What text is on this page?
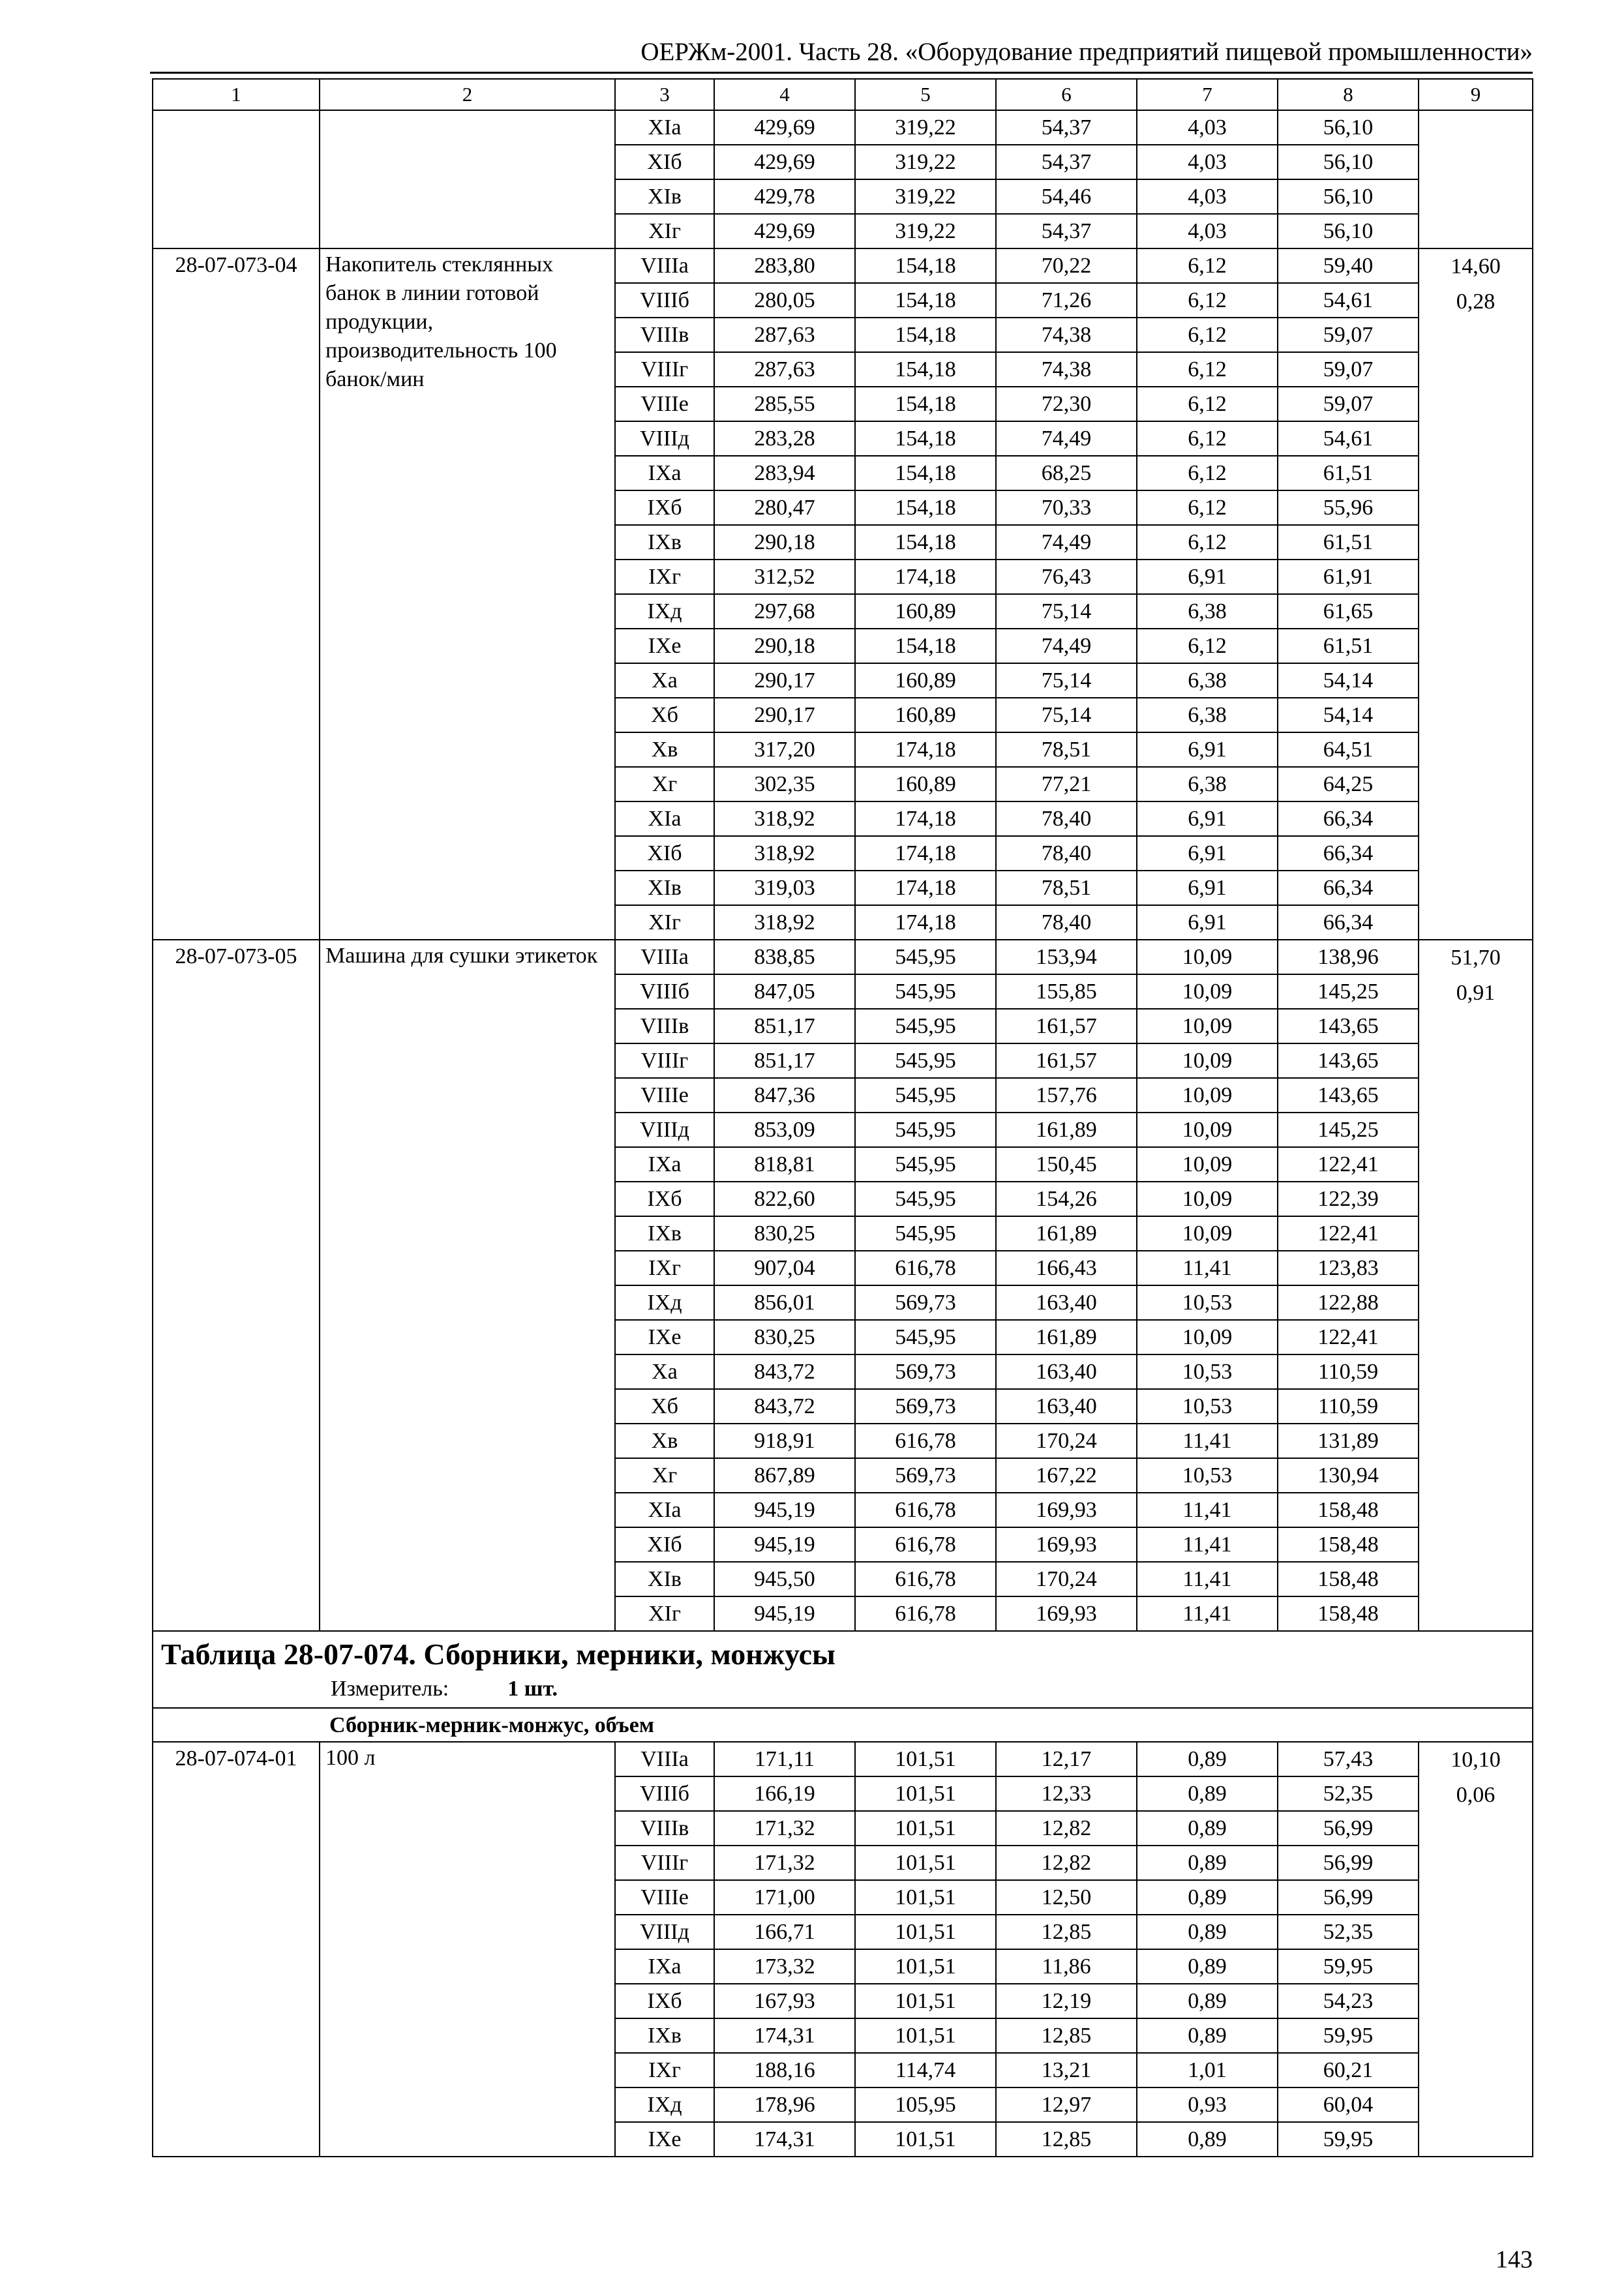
ОЕРЖм-2001. Часть 28. «Оборудование предприятий пищевой промышленности»
1	2	3	4	5	6	7	8	9
		XIа	429,69	319,22	54,37	4,03	56,10	
		XIб	429,69	319,22	54,37	4,03	56,10	
		XIв	429,78	319,22	54,46	4,03	56,10	
		XIг	429,69	319,22	54,37	4,03	56,10	
28-07-073-04	Накопитель стеклянных банок в линии готовой продукции, производительность 100 банок/мин	VIIIа	283,80	154,18	70,22	6,12	59,40	14,60
0,28

		VIIIб	280,05	154,18	71,26	6,12	54,61	
		VIIIв	287,63	154,18	74,38	6,12	59,07	
		VIIIг	287,63	154,18	74,38	6,12	59,07	
		VIIIе	285,55	154,18	72,30	6,12	59,07	
		VIIIд	283,28	154,18	74,49	6,12	54,61	
		IXа	283,94	154,18	68,25	6,12	61,51	
		IXб	280,47	154,18	70,33	6,12	55,96	
		IXв	290,18	154,18	74,49	6,12	61,51	
		IXг	312,52	174,18	76,43	6,91	61,91	
		IXд	297,68	160,89	75,14	6,38	61,65	
		IXе	290,18	154,18	74,49	6,12	61,51	
		Xа	290,17	160,89	75,14	6,38	54,14	
		Xб	290,17	160,89	75,14	6,38	54,14	
		Xв	317,20	174,18	78,51	6,91	64,51	
		Xг	302,35	160,89	77,21	6,38	64,25	
		XIа	318,92	174,18	78,40	6,91	66,34	
		XIб	318,92	174,18	78,40	6,91	66,34	
		XIв	319,03	174,18	78,51	6,91	66,34	
		XIг	318,92	174,18	78,40	6,91	66,34	
28-07-073-05	Машина для сушки этикеток	VIIIа	838,85	545,95	153,94	10,09	138,96	51,70
0,91

		VIIIб	847,05	545,95	155,85	10,09	145,25	
		VIIIв	851,17	545,95	161,57	10,09	143,65	
		VIIIг	851,17	545,95	161,57	10,09	143,65	
		VIIIе	847,36	545,95	157,76	10,09	143,65	
		VIIIд	853,09	545,95	161,89	10,09	145,25	
		IXа	818,81	545,95	150,45	10,09	122,41	
		IXб	822,60	545,95	154,26	10,09	122,39	
		IXв	830,25	545,95	161,89	10,09	122,41	
		IXг	907,04	616,78	166,43	11,41	123,83	
		IXд	856,01	569,73	163,40	10,53	122,88	
		IXе	830,25	545,95	161,89	10,09	122,41	
		Xа	843,72	569,73	163,40	10,53	110,59	
		Xб	843,72	569,73	163,40	10,53	110,59	
		Xв	918,91	616,78	170,24	11,41	131,89	
		Xг	867,89	569,73	167,22	10,53	130,94	
		XIа	945,19	616,78	169,93	11,41	158,48	
		XIб	945,19	616,78	169,93	11,41	158,48	
		XIв	945,50	616,78	170,24	11,41	158,48	
		XIг	945,19	616,78	169,93	11,41	158,48	

Таблица 28-07-074. Сборники, мерники, монжусы
Измеритель: 1 шт.								

Сборник-мерник-монжус, объем								
28-07-074-01	100 л	VIIIа	171,11	101,51	12,17	0,89	57,43	10,10
0,06

		VIIIб	166,19	101,51	12,33	0,89	52,35	
		VIIIв	171,32	101,51	12,82	0,89	56,99	
		VIIIг	171,32	101,51	12,82	0,89	56,99	
		VIIIе	171,00	101,51	12,50	0,89	56,99	
		VIIIд	166,71	101,51	12,85	0,89	52,35	
		IXа	173,32	101,51	11,86	0,89	59,95	
		IXб	167,93	101,51	12,19	0,89	54,23	
		IXв	174,31	101,51	12,85	0,89	59,95	
		IXг	188,16	114,74	13,21	1,01	60,21	
		IXд	178,96	105,95	12,97	0,93	60,04	
		IXе	174,31	101,51	12,85	0,89	59,95	
143
